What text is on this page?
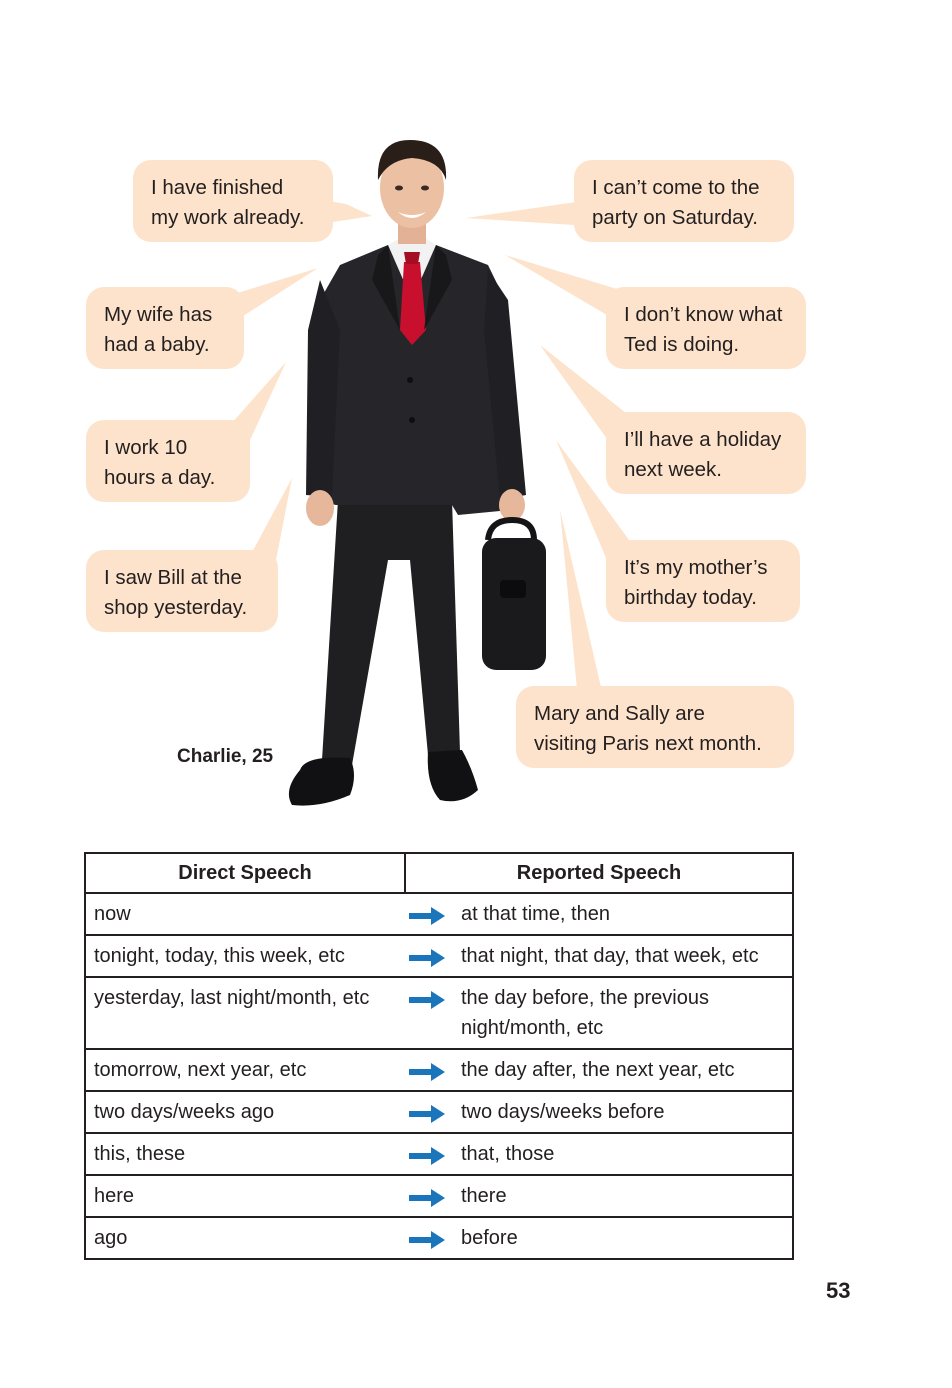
I have finished
my work already.
I can’t come to the
party on Saturday.
My wife has
had a baby.
I don’t know what
Ted is doing.
I work 10
hours a day.
I’ll have a holiday
next week.
I saw Bill at the
shop yesterday.
It’s my mother’s
birthday today.
Mary and Sally are
visiting Paris next month.
Charlie, 25
Direct Speech	Reported Speech	
now		at that time, then
tonight, today, this week, etc		that night, that day, that week, etc
yesterday, last night/month, etc		the day before, the previous night/month, etc
tomorrow, next year, etc		the day after, the next year, etc
two days/weeks ago		two days/weeks before
this, these		that, those
here		there
ago		before
53
